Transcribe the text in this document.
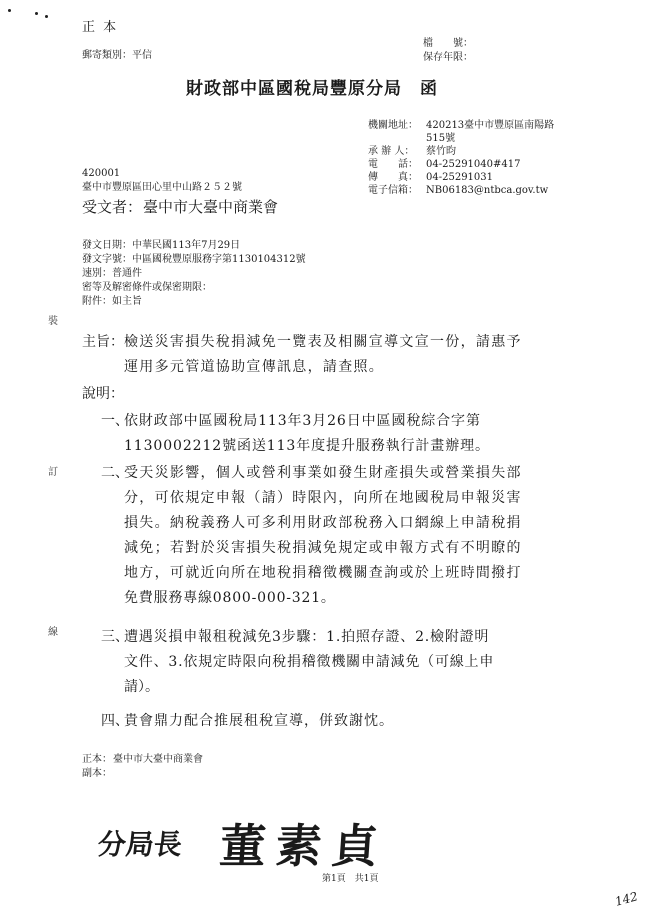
正 本
郵寄類別：平信
檔　　號：
保存年限：
財政部中區國稅局豐原分局　函
機關地址： 420213臺中市豐原區南陽路
515號
承 辦 人： 蔡竹昀
電　　話： 04-25291040#417
傳　　真： 04-25291031
電子信箱： NB06183@ntbca.gov.tw
420001
臺中市豐原區田心里中山路２５２號
受文者： 臺中市大臺中商業會
發文日期：中華民國113年7月29日
發文字號：中區國稅豐原服務字第1130104312號
速別：普通件
密等及解密條件或保密期限：
附件：如主旨
裝
訂
線
主旨： 檢送災害損失稅捐減免一覽表及相關宣導文宣一份，請惠予
運用多元管道協助宣傳訊息，請查照。
說明：
一、
依財政部中區國稅局113年3月26日中區國稅綜合字第
1130002212號函送113年度提升服務執行計畫辦理。
二、
受天災影響，個人或營利事業如發生財產損失或營業損失部
分，可依規定申報（請）時限內，向所在地國稅局申報災害
損失。納稅義務人可多利用財政部稅務入口網線上申請稅捐
減免；若對於災害損失稅捐減免規定或申報方式有不明瞭的
地方，可就近向所在地稅捐稽徵機關查詢或於上班時間撥打
免費服務專線0800-000-321。
三、
遭遇災損申報租稅減免3步驟：1.拍照存證、2.檢附證明
文件、3.依規定時限向稅捐稽徵機關申請減免（可線上申
請）。
四、
貴會鼎力配合推展租稅宣導，併致謝忱。
正本： 臺中市大臺中商業會
副本：
分局長 董素貞
第1頁　共1頁
142
